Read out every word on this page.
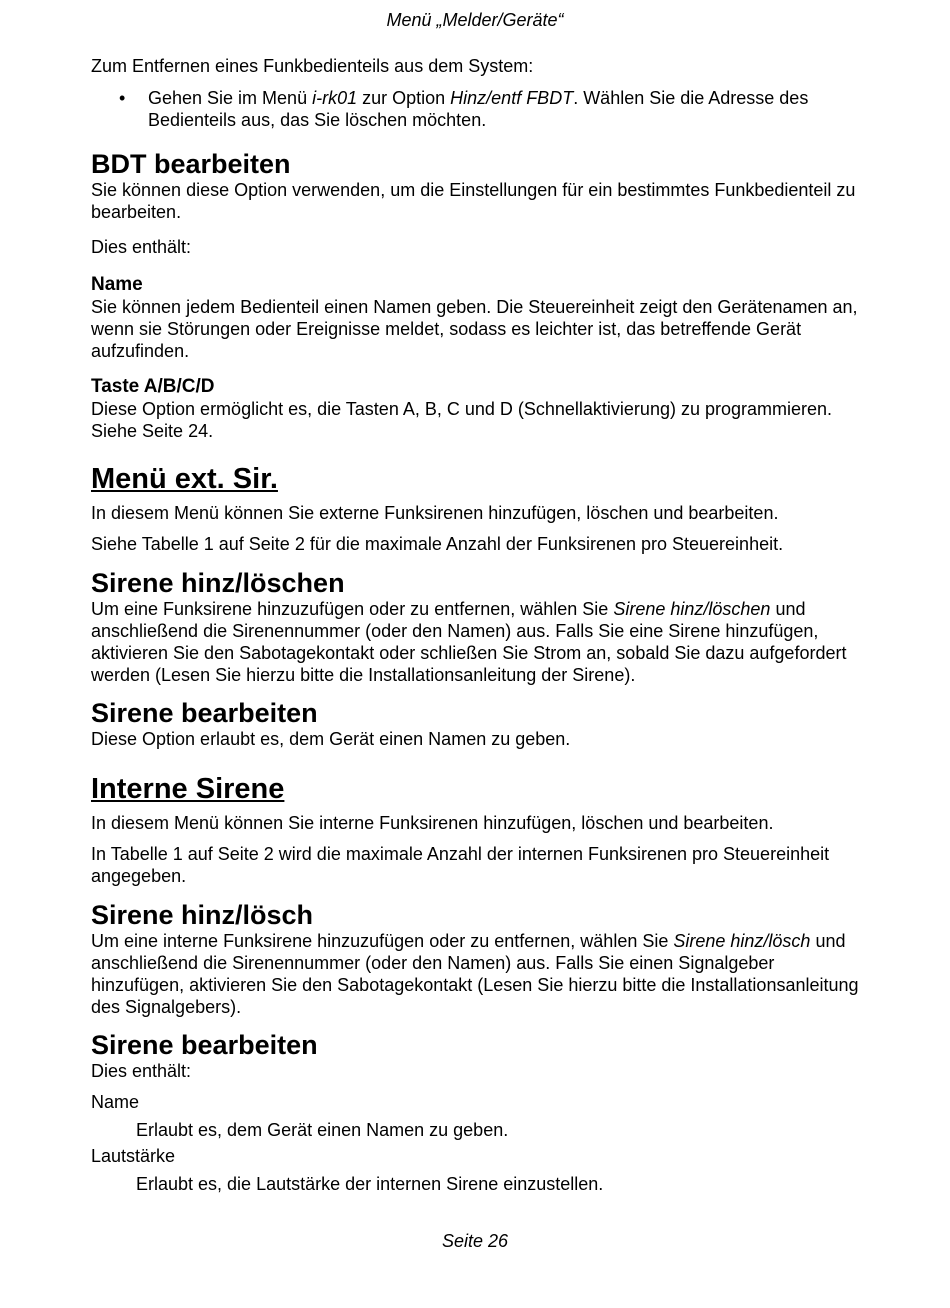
Menü „Melder/Geräte“

Zum Entfernen eines Funkbedienteils aus dem System:

• Gehen Sie im Menü i-rk01 zur Option Hinz/entf FBDT. Wählen Sie die Adresse des Bedienteils aus, das Sie löschen möchten.
BDT bearbeiten

Sie können diese Option verwenden, um die Einstellungen für ein bestimmtes Funkbedienteil zu bearbeiten.

Dies enthält:

Name

Sie können jedem Bedienteil einen Namen geben. Die Steuereinheit zeigt den Gerätenamen an, wenn sie Störungen oder Ereignisse meldet, sodass es leichter ist, das betreffende Gerät aufzufinden.

Taste A/B/C/D

Diese Option ermöglicht es, die Tasten A, B, C und D (Schnellaktivierung) zu programmieren. Siehe Seite 24.

Menü ext. Sir.

In diesem Menü können Sie externe Funksirenen hinzufügen, löschen und bearbeiten.

Siehe Tabelle 1 auf Seite 2 für die maximale Anzahl der Funksirenen pro Steuereinheit.

Sirene hinz/löschen

Um eine Funksirene hinzuzufügen oder zu entfernen, wählen Sie Sirene hinz/löschen und anschließend die Sirenennummer (oder den Namen) aus. Falls Sie eine Sirene hinzufügen, aktivieren Sie den Sabotagekontakt oder schließen Sie Strom an, sobald Sie dazu aufgefordert werden (Lesen Sie hierzu bitte die Installationsanleitung der Sirene).

Sirene bearbeiten

Diese Option erlaubt es, dem Gerät einen Namen zu geben.

Interne Sirene

In diesem Menü können Sie interne Funksirenen hinzufügen, löschen und bearbeiten.

In Tabelle 1 auf Seite 2 wird die maximale Anzahl der internen Funksirenen pro Steuereinheit angegeben.

Sirene hinz/lösch

Um eine interne Funksirene hinzuzufügen oder zu entfernen, wählen Sie Sirene hinz/lösch und anschließend die Sirenennummer (oder den Namen) aus. Falls Sie einen Signalgeber hinzufügen, aktivieren Sie den Sabotagekontakt (Lesen Sie hierzu bitte die Installationsanleitung des Signalgebers).

Sirene bearbeiten

Dies enthält:

Name

Erlaubt es, dem Gerät einen Namen zu geben.

Lautstärke

Erlaubt es, die Lautstärke der internen Sirene einzustellen.

Seite 26
